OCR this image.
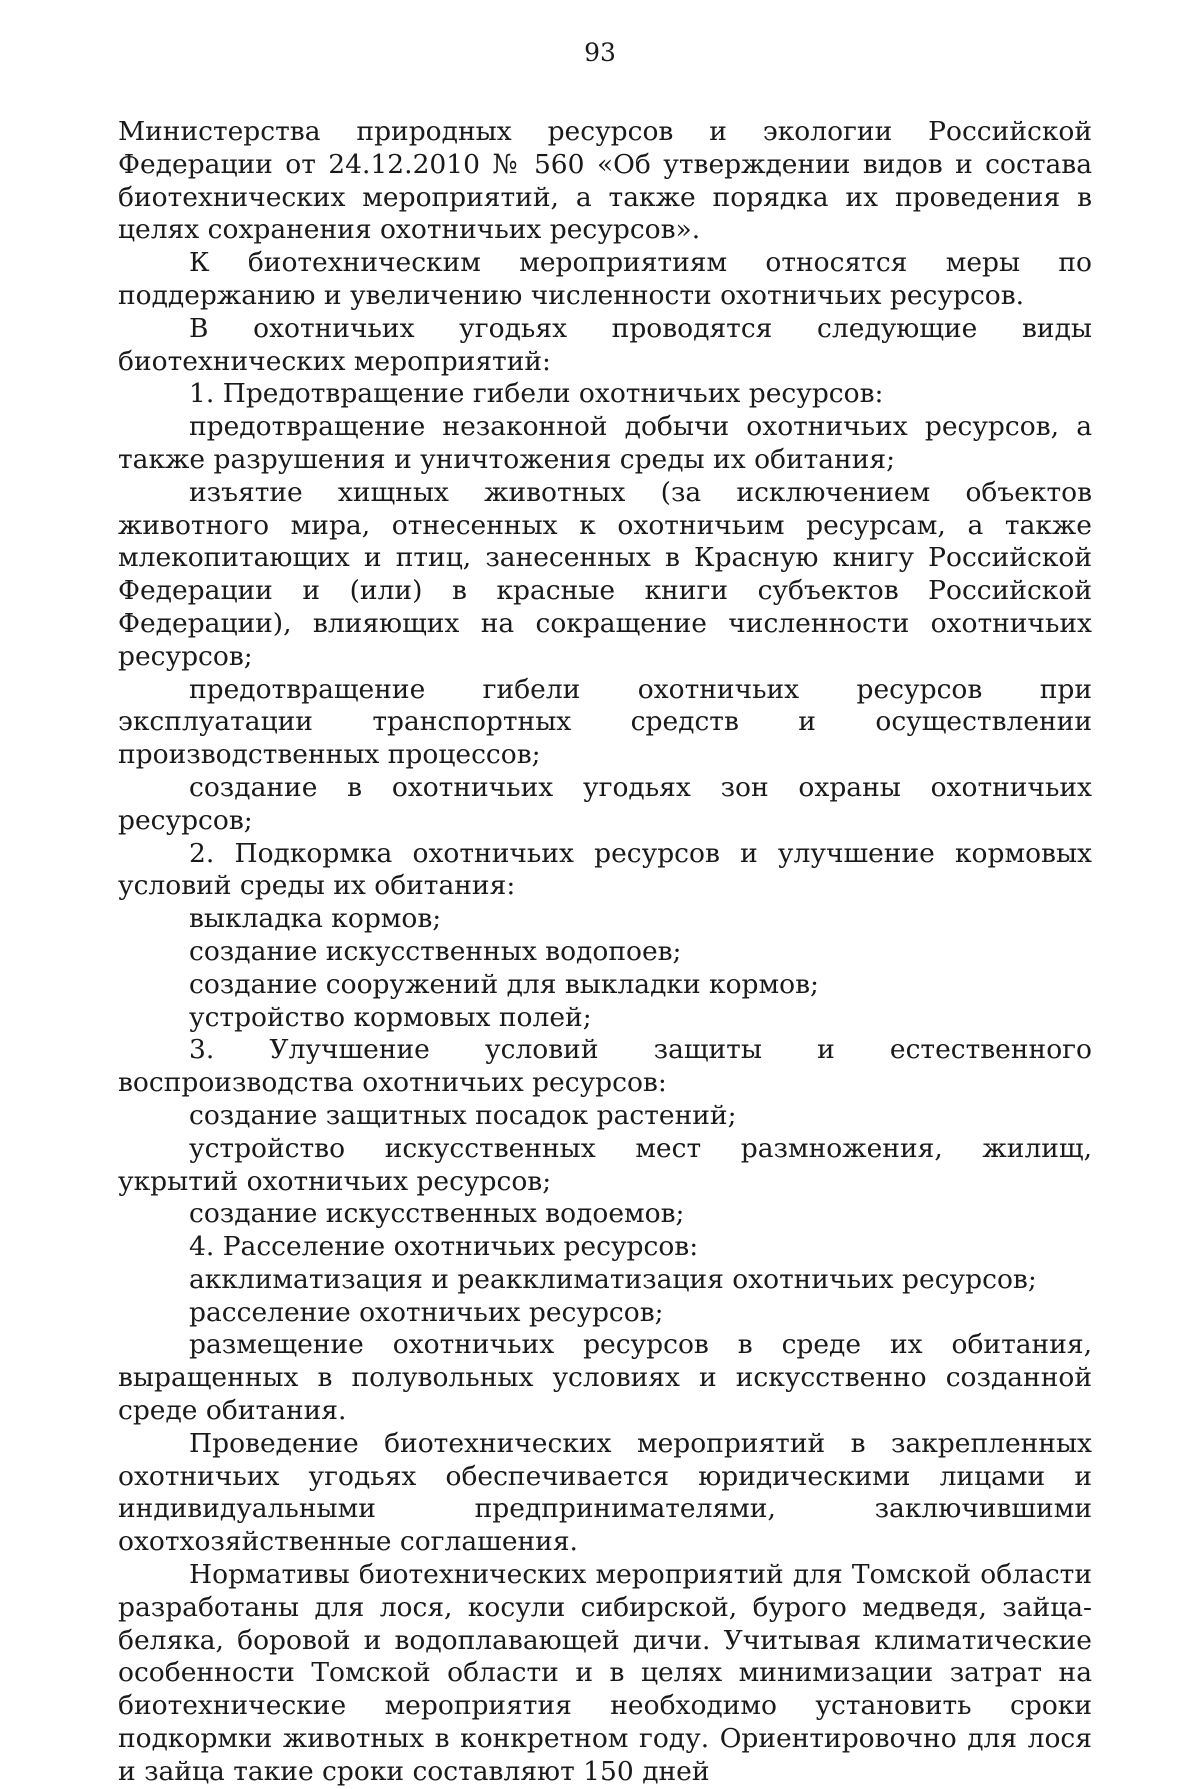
93

Министерства природных ресурсов и экологии Российской Федерации от 24.12.2010 № 560 «Об утверждении видов и состава биотехнических мероприятий, а также порядка их проведения в целях сохранения охотничьих ресурсов».

К биотехническим мероприятиям относятся меры по поддержанию и увеличению численности охотничьих ресурсов.

В охотничьих угодьях проводятся следующие виды биотехнических мероприятий:

1. Предотвращение гибели охотничьих ресурсов:

предотвращение незаконной добычи охотничьих ресурсов, а также разрушения и уничтожения среды их обитания;

изъятие хищных животных (за исключением объектов животного мира, отнесенных к охотничьим ресурсам, а также млекопитающих и птиц, занесенных в Красную книгу Российской Федерации и (или) в красные книги субъектов Российской Федерации), влияющих на сокращение численности охотничьих ресурсов;

предотвращение гибели охотничьих ресурсов при эксплуатации транспортных средств и осуществлении производственных процессов;

создание в охотничьих угодьях зон охраны охотничьих ресурсов;

2. Подкормка охотничьих ресурсов и улучшение кормовых условий среды их обитания:

выкладка кормов;

создание искусственных водопоев;

создание сооружений для выкладки кормов;

устройство кормовых полей;

3. Улучшение условий защиты и естественного воспроизводства охотничьих ресурсов:

создание защитных посадок растений;

устройство искусственных мест размножения, жилищ, укрытий охотничьих ресурсов;

создание искусственных водоемов;

4. Расселение охотничьих ресурсов:

акклиматизация и реакклиматизация охотничьих ресурсов;

расселение охотничьих ресурсов;

размещение охотничьих ресурсов в среде их обитания, выращенных в полувольных условиях и искусственно созданной среде обитания.

Проведение биотехнических мероприятий в закрепленных охотничьих угодьях обеспечивается юридическими лицами и индивидуальными предпринимателями, заключившими охотхозяйственные соглашения.

Нормативы биотехнических мероприятий для Томской области разработаны для лося, косули сибирской, бурого медведя, зайца-беляка, боровой и водоплавающей дичи. Учитывая климатические особенности Томской области и в целях минимизации затрат на биотехнические мероприятия необходимо установить сроки подкормки животных в конкретном году. Ориентировочно для лося и зайца такие сроки составляют 150 дней
